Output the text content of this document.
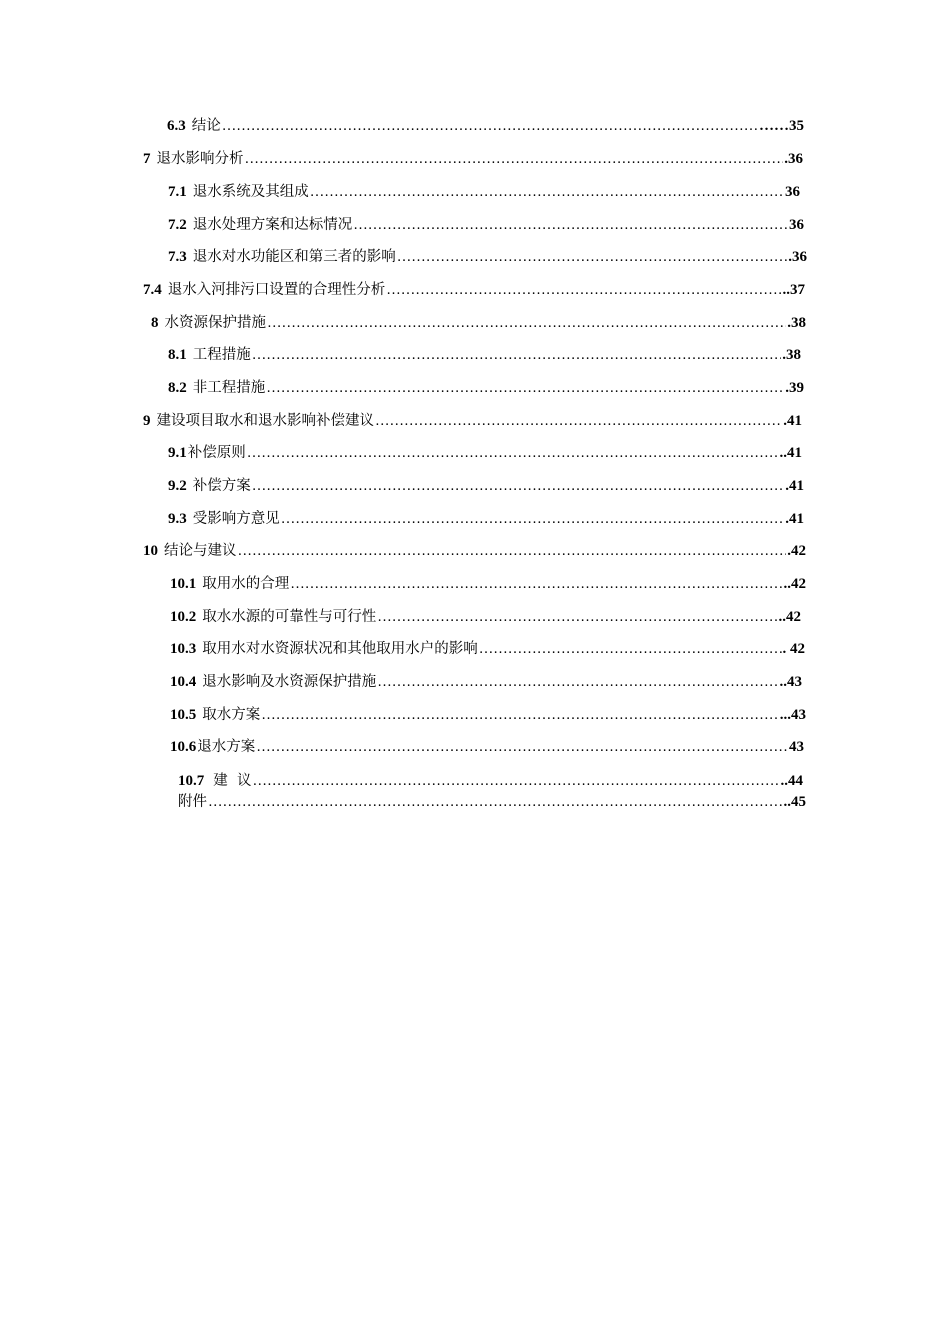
6.3 结论 ……………………………………………………………………………………………………………………………………………………………………………………………………………………	……35
7 退水影响分析 ……………………………………………………………………………………………………………………………………………………………………………………………………………………	.36
7.1 退水系统及其组成 ……………………………………………………………………………………………………………………………………………………………………………………………………………………	36
7.2 退水处理方案和达标情况 ……………………………………………………………………………………………………………………………………………………………………………………………………………………	36
7.3 退水对水功能区和第三者的影响 ……………………………………………………………………………………………………………………………………………………………………………………………………………………	.36
7.4 退水入河排污口设置的合理性分析 ……………………………………………………………………………………………………………………………………………………………………………………………………………………	..37
8 水资源保护措施 ……………………………………………………………………………………………………………………………………………………………………………………………………………………	.38
8.1 工程措施 ……………………………………………………………………………………………………………………………………………………………………………………………………………………	.38
8.2 非工程措施 ……………………………………………………………………………………………………………………………………………………………………………………………………………………	.39
9 建设项目取水和退水影响补偿建议 ……………………………………………………………………………………………………………………………………………………………………………………………………………………	.41
9.1 补偿原则 ……………………………………………………………………………………………………………………………………………………………………………………………………………………	..41
9.2 补偿方案 ……………………………………………………………………………………………………………………………………………………………………………………………………………………	.41
9.3 受影响方意见 ……………………………………………………………………………………………………………………………………………………………………………………………………………………	.41
10 结论与建议 ……………………………………………………………………………………………………………………………………………………………………………………………………………………	.42
10.1 取用水的合理 ……………………………………………………………………………………………………………………………………………………………………………………………………………………	..42
10.2 取水水源的可靠性与可行性 ……………………………………………………………………………………………………………………………………………………………………………………………………………………	..42
10.3 取用水对水资源状况和其他取用水户的影响 ……………………………………………………………………………………………………………………………………………………………………………………………………………………	. 42
10.4 退水影响及水资源保护措施 ……………………………………………………………………………………………………………………………………………………………………………………………………………………	..43
10.5 取水方案 ……………………………………………………………………………………………………………………………………………………………………………………………………………………	...43
10.6 退水方案 ……………………………………………………………………………………………………………………………………………………………………………………………………………………	43
10.7 建  议 ……………………………………………………………………………………………………………………………………………………………………………………………………………………	..44
附件 ……………………………………………………………………………………………………………………………………………………………………………………………………………………	..45
